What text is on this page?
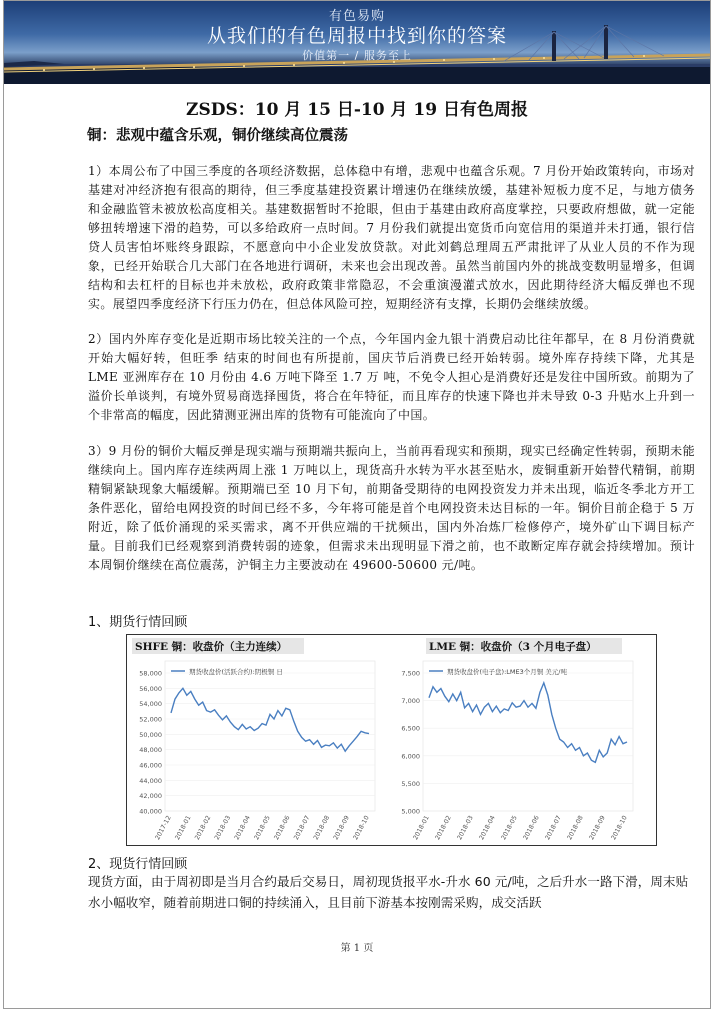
有色易购
从我们的有色周报中找到你的答案
价值第一 / 服务至上
ZSDS：10 月 15 日-10 月 19 日有色周报
铜：悲观中蕴含乐观，铜价继续高位震荡
1）本周公布了中国三季度的各项经济数据，总体稳中有增，悲观中也蕴含乐观。7 月份开始政策转向，市场对基建对冲经济抱有很高的期待，但三季度基建投资累计增速仍在继续放缓，基建补短板力度不足，与地方债务和金融监管未被放松高度相关。基建数据暂时不抢眼，但由于基建由政府高度掌控，只要政府想做，就一定能够扭转增速下滑的趋势，可以多给政府一点时间。7 月份我们就提出宽货币向宽信用的渠道并未打通，银行信贷人员害怕坏账终身跟踪，不愿意向中小企业发放贷款。对此刘鹤总理周五严肃批评了从业人员的不作为现象，已经开始联合几大部门在各地进行调研，未来也会出现改善。虽然当前国内外的挑战变数明显增多，但调结构和去杠杆的目标也并未放松，政府政策非常隐忍，不会重演漫灌式放水，因此期待经济大幅反弹也不现实。展望四季度经济下行压力仍在，但总体风险可控，短期经济有支撑，长期仍会继续放缓。
2）国内外库存变化是近期市场比较关注的一个点，今年国内金九银十消费启动比往年都早，在 8 月份消费就开始大幅好转，但旺季 结束的时间也有所提前，国庆节后消费已经开始转弱。境外库存持续下降，尤其是 LME 亚洲库存在 10 月份由 4.6 万吨下降至 1.7 万 吨，不免令人担心是消费好还是发往中国所致。前期为了溢价长单谈判，有境外贸易商选择囤货，将合在年特征，而且库存的快速下降也并未导致 0-3 升贴水上升到一个非常高的幅度，因此猜测亚洲出库的货物有可能流向了中国。
3）9 月份的铜价大幅反弹是现实端与预期端共振向上，当前再看现实和预期，现实已经确定性转弱，预期未能继续向上。国内库存连续两周上涨 1 万吨以上，现货高升水转为平水甚至贴水，废铜重新开始替代精铜，前期精铜紧缺现象大幅缓解。预期端已至 10 月下旬，前期备受期待的电网投资发力并未出现，临近冬季北方开工条件恶化，留给电网投资的时间已经不多，今年将可能是首个电网投资未达目标的一年。铜价目前企稳于 5 万附近，除了低价涌现的采买需求，离不开供应端的干扰频出，国内外冶炼厂检修停产，境外矿山下调目标产量。目前我们已经观察到消费转弱的迹象，但需求未出现明显下滑之前，也不敢断定库存就会持续增加。预计本周铜价继续在高位震荡，沪铜主力主要波动在 49600-50600 元/吨。
1、期货行情回顾
SHFE 铜：收盘价（主力连续）
期货收盘价(活跃合约):阴极铜 日
58,000
56,000
54,000
52,000
50,000
48,000
46,000
44,000
42,000
40,000
2017-12 2018-01 2018-02 2018-03 2018-04 2018-05 2018-06 2018-07 2018-08 2018-09 2018-10
LME 铜：收盘价（3 个月电子盘）
期货收盘价(电子盘):LME3个月铜 美元/吨
7,500
7,000
6,500
6,000
5,500
5,000
2018-01 2018-02 2018-03 2018-04 2018-05 2018-06 2018-07 2018-08 2018-09 2018-10
2、现货行情回顾
现货方面，由于周初即是当月合约最后交易日，周初现货报平水-升水 60 元/吨，之后升水一路下滑，周末贴水小幅收窄，随着前期进口铜的持续涌入，且目前下游基本按刚需采购，成交活跃
第 1 页
